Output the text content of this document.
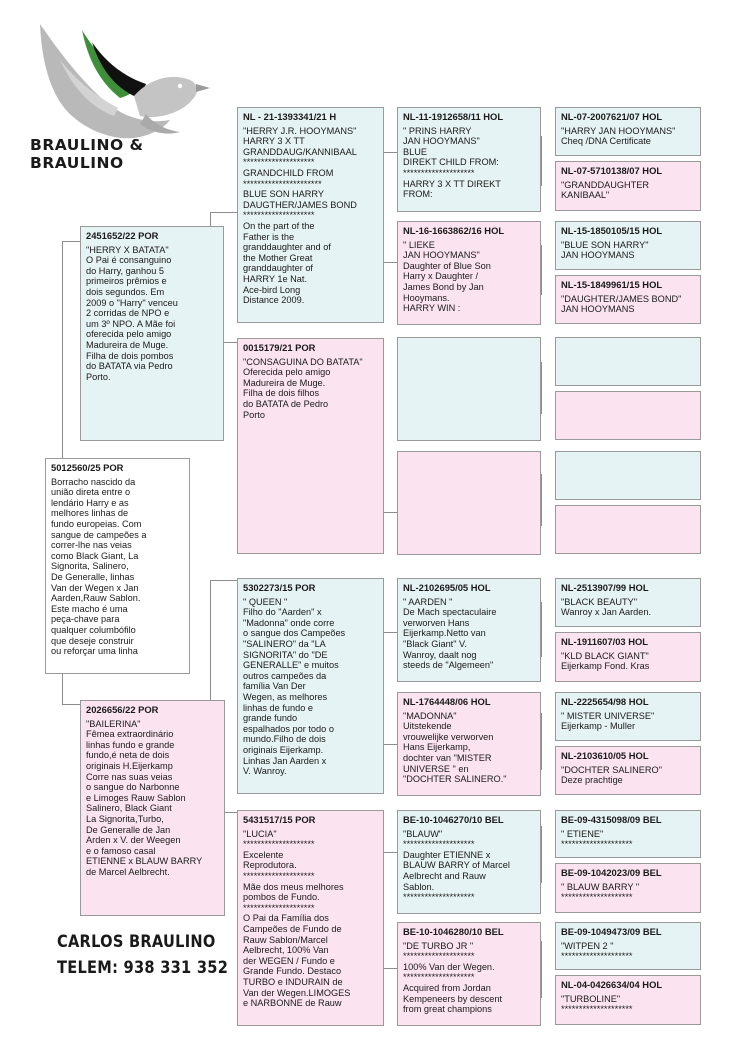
BRAULINO & BRAULINO
5012560/25 POR
Borracho nascido da
união direta entre o
lendário Harry e as
melhores linhas de
fundo europeias. Com
sangue de campeões a
correr-lhe nas veias
como Black Giant, La
Signorita, Salinero,
De Generalle, linhas
Van der Wegen x Jan
Aarden,Rauw Sablon.
Este macho é uma
peça-chave para
qualquer columbófilo
que deseje construir
ou reforçar uma linha
2451652/22 POR
"HERRY X BATATA"
O Pai é consanguino
do Harry, ganhou 5
primeiros prêmios e
dois segundos. Em
2009 o "Harry" venceu
2 corridas de NPO e
um 3º NPO. A Mãe foi
oferecida pelo amigo
Madureira de Muge.
Filha de dois pombos
do BATATA via Pedro
Porto.
2026656/22 POR
"BAILERINA"
Fêmea extraordinário
linhas fundo e grande
fundo,é neta de dois
originais H.Eijerkamp
Corre nas suas veias
o sangue do Narbonne
e Limoges Rauw Sablon
Salinero, Black Giant
La Signorita,Turbo,
De Generalle de Jan
Arden x V. der Weegen
e o famoso casal
ETIENNE x BLAUW BARRY
de Marcel Aelbrecht.
NL - 21-1393341/21 H
"HERRY J.R. HOOYMANS"
HARRY 3 X TT
GRANDDAUG/KANNIBAAL
********************
GRANDCHILD FROM
**********************
BLUE SON HARRY
DAUGTHER/JAMES BOND
********************
On the part of the
Father is the
granddaughter and of
the Mother Great
granddaughter of
HARRY 1e Nat.
Ace-bird Long
Distance 2009.
0015179/21 POR
"CONSAGUINA DO BATATA"
Oferecida pelo amigo
Madureira de Muge.
Filha de dois filhos
do BATATA de Pedro
Porto
5302273/15 POR
" QUEEN "
Filho do "Aarden" x
"Madonna" onde corre
o sangue dos Campeões
"SALINERO" da "LA
SIGNORITA" do "DE
GENERALLE" e muitos
outros campeões da
família Van Der
Wegen, as melhores
linhas de fundo e
grande fundo
espalhados por todo o
mundo.Filho de dois
originais Eijerkamp.
Linhas Jan Aarden x
V. Wanroy.
5431517/15 POR
"LUCIA"
********************
Excelente
Reprodutora.
********************
Mãe dos meus melhores
pombos de Fundo.
********************
O Pai da Família dos
Campeões de Fundo de
Rauw Sablon/Marcel
Aelbrecht, 100% Van
der WEGEN / Fundo e
Grande Fundo. Destaco
TURBO e INDURAIN de
Van der Wegen.LIMOGES
e NARBONNE de Rauw
NL-11-1912658/11 HOL
" PRINS HARRY
JAN HOOYMANS"
BLUE
DIREKT CHILD FROM:
********************
HARRY 3 X TT DIREKT
FROM:
NL-16-1663862/16 HOL
" LIEKE
JAN HOOYMANS"
Daughter of Blue Son
Harry x Daughter /
James Bond by Jan
Hooymans.
HARRY WIN :
NL-2102695/05 HOL
" AARDEN "
De Mach spectaculaire
verworven Hans
Eijerkamp.Netto van
"Black Giant" V.
Wanroy, daalt nog
steeds de "Algemeen"
NL-1764448/06 HOL
"MADONNA"
Uitstekende
vrouwelijke verworven
Hans Eijerkamp,
dochter van "MISTER
UNIVERSE " en
"DOCHTER SALINERO."
BE-10-1046270/10 BEL
"BLAUW"
********************
Daughter ETIENNE x
BLAUW BARRY of Marcel
Aelbrecht and Rauw
Sablon.
********************
BE-10-1046280/10 BEL
"DE TURBO JR "
********************
100% Van der Wegen.
********************
Acquired from Jordan
Kempeneers by descent
from great champions
NL-07-2007621/07 HOL
"HARRY JAN HOOYMANS"
Cheq /DNA Certificate
NL-07-5710138/07 HOL
"GRANDDAUGHTER
KANIBAAL"
NL-15-1850105/15 HOL
"BLUE SON HARRY"
JAN HOOYMANS
NL-15-1849961/15 HOL
"DAUGHTER/JAMES BOND"
JAN HOOYMANS
NL-2513907/99 HOL
"BLACK BEAUTY"
Wanroy x Jan Aarden.
NL-1911607/03 HOL
"KLD BLACK GIANT"
Eijerkamp Fond. Kras
NL-2225654/98 HOL
" MISTER UNIVERSE"
Eijerkamp - Muller
NL-2103610/05 HOL
"DOCHTER SALINERO"
Deze prachtige
BE-09-4315098/09 BEL
" ETIENE"
********************
BE-09-1042023/09 BEL
" BLAUW BARRY "
********************
BE-09-1049473/09 BEL
"WITPEN 2 "
********************
NL-04-0426634/04 HOL
"TURBOLINE"
********************
CARLOS BRAULINO
TELEM: 938 331 352
